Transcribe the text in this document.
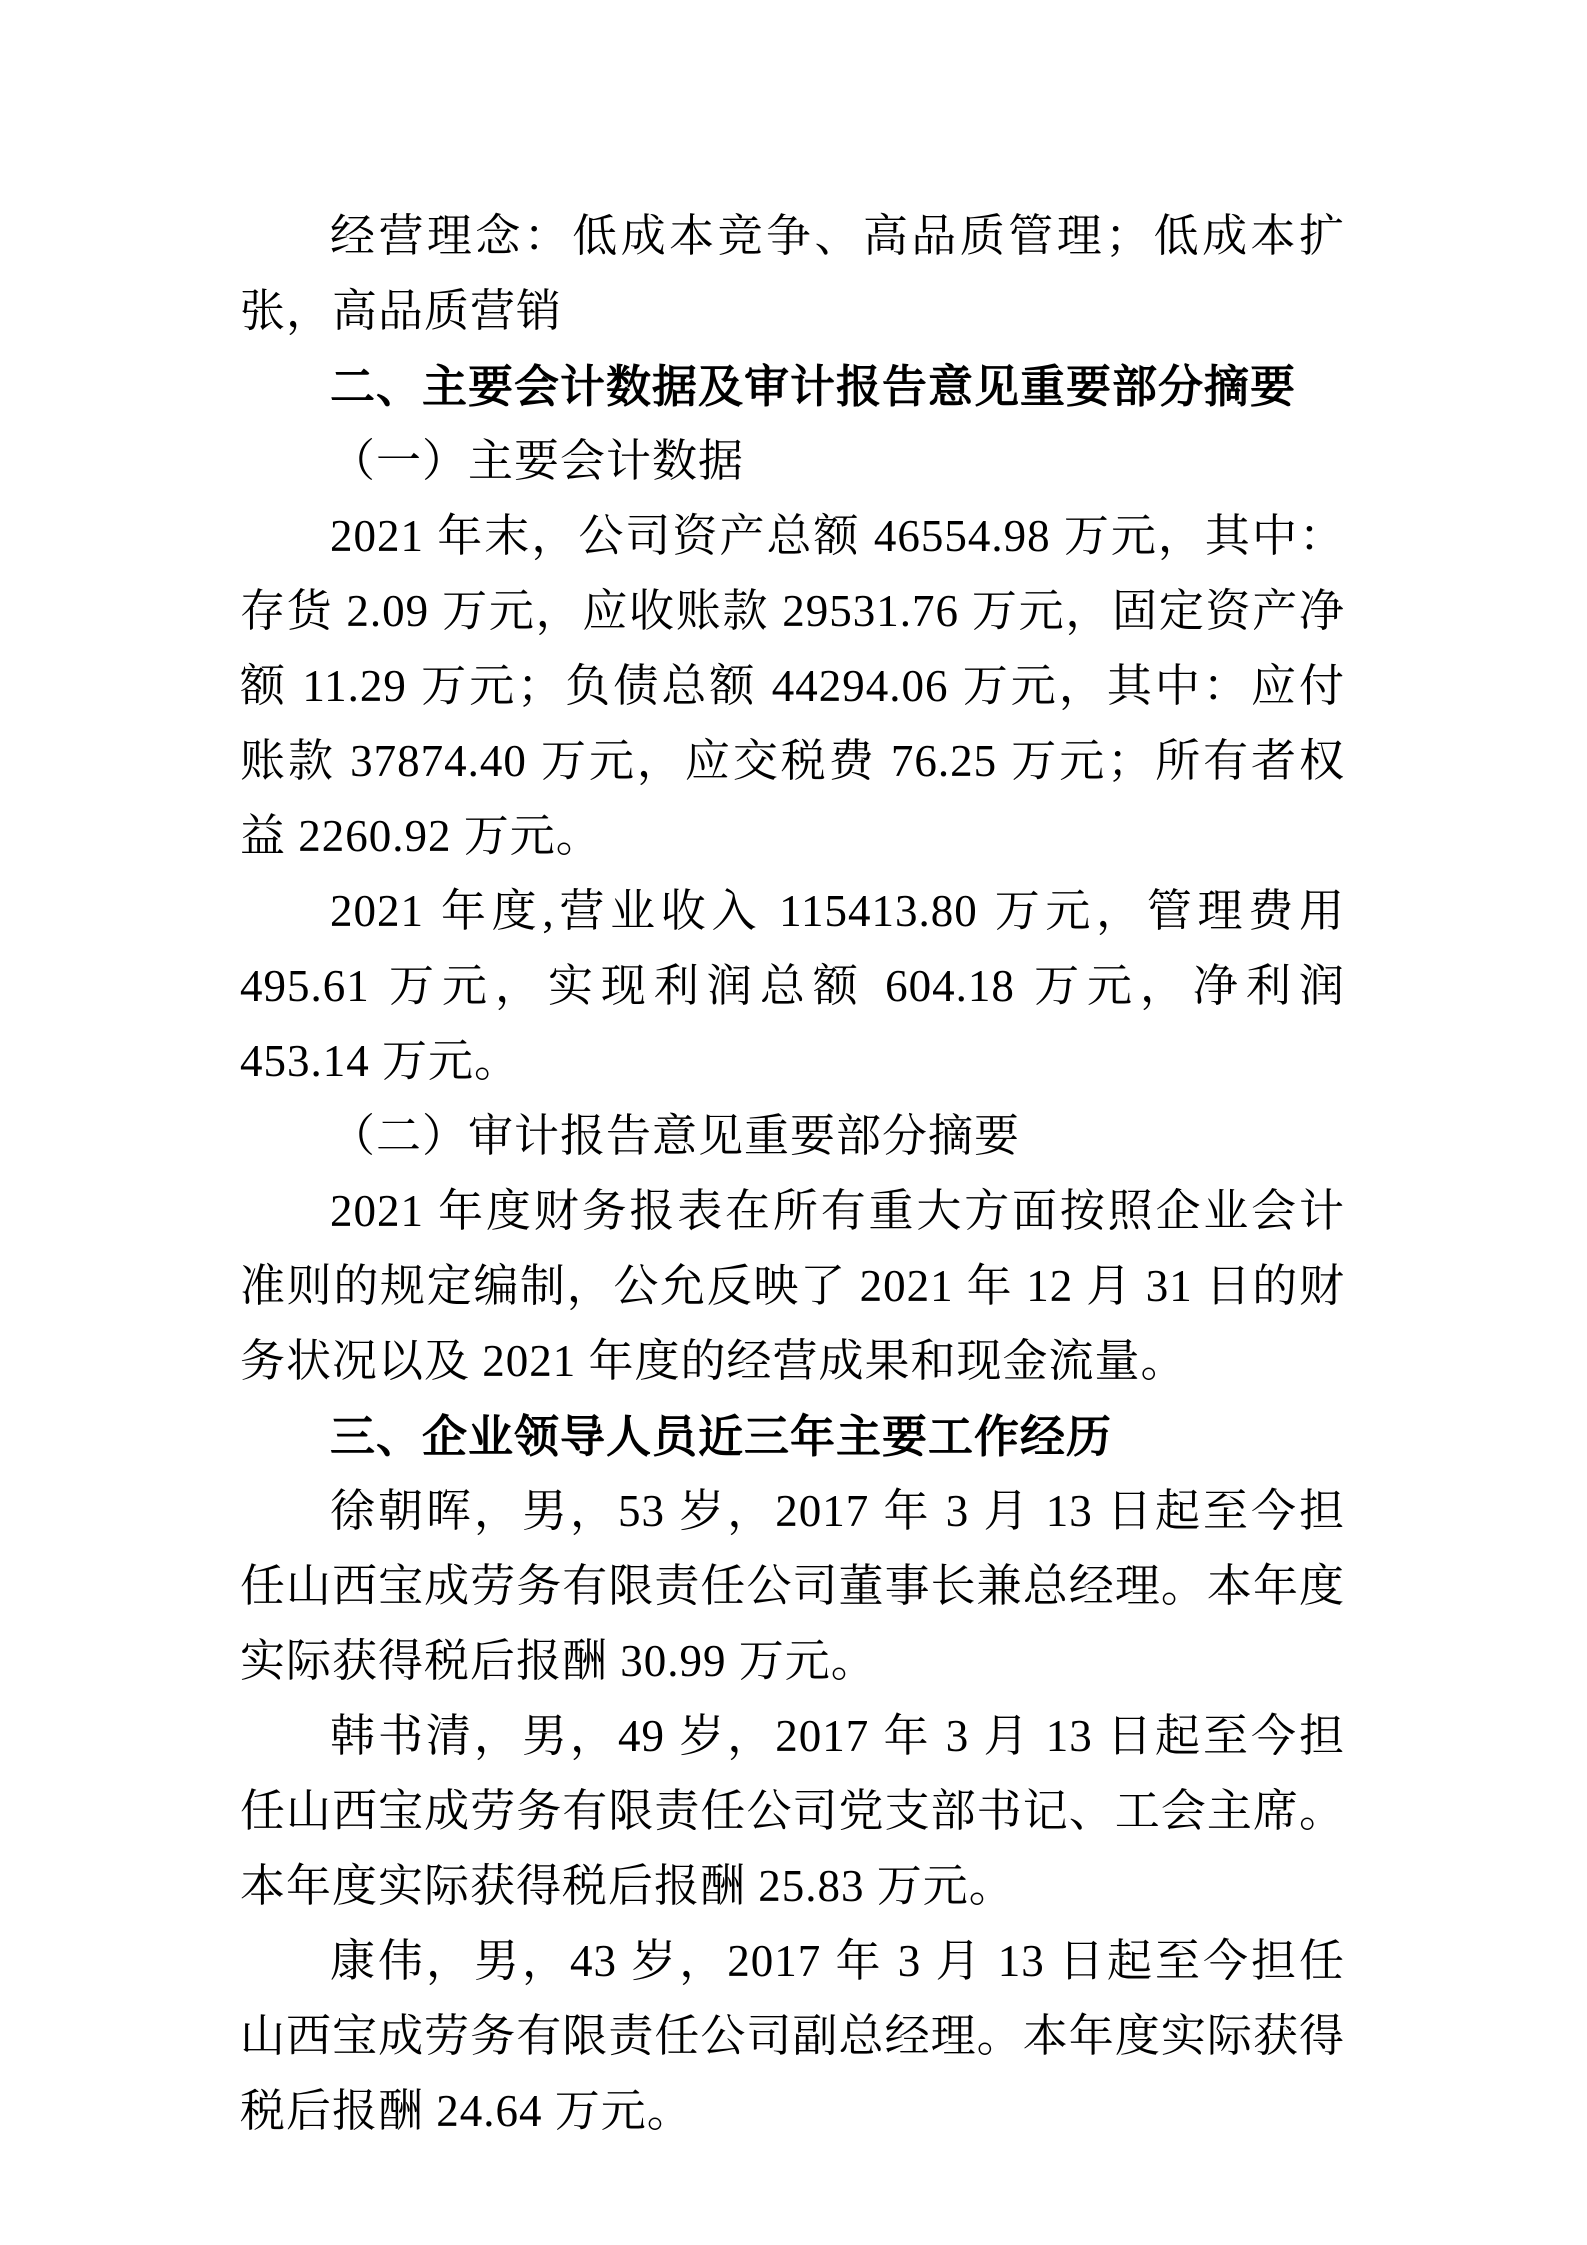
经营理念：低成本竞争、高品质管理；低成本扩张，高品质营销

二、主要会计数据及审计报告意见重要部分摘要

（一）主要会计数据

2021 年末，公司资产总额 46554.98 万元，其中：存货 2.09 万元，应收账款 29531.76 万元，固定资产净额 11.29 万元；负债总额 44294.06 万元，其中：应付账款 37874.40 万元，应交税费 76.25 万元；所有者权益 2260.92 万元。

2021 年度,营业收入 115413.80 万元，管理费用 495.61 万元，实现利润总额 604.18 万元，净利润 453.14 万元。

（二）审计报告意见重要部分摘要

2021 年度财务报表在所有重大方面按照企业会计准则的规定编制，公允反映了 2021 年 12 月 31 日的财务状况以及 2021 年度的经营成果和现金流量。

三、企业领导人员近三年主要工作经历

徐朝晖，男，53 岁，2017 年 3 月 13 日起至今担任山西宝成劳务有限责任公司董事长兼总经理。本年度实际获得税后报酬 30.99 万元。

韩书清，男，49 岁，2017 年 3 月 13 日起至今担任山西宝成劳务有限责任公司党支部书记、工会主席。本年度实际获得税后报酬 25.83 万元。

康伟，男，43 岁，2017 年 3 月 13 日起至今担任山西宝成劳务有限责任公司副总经理。本年度实际获得税后报酬 24.64 万元。
